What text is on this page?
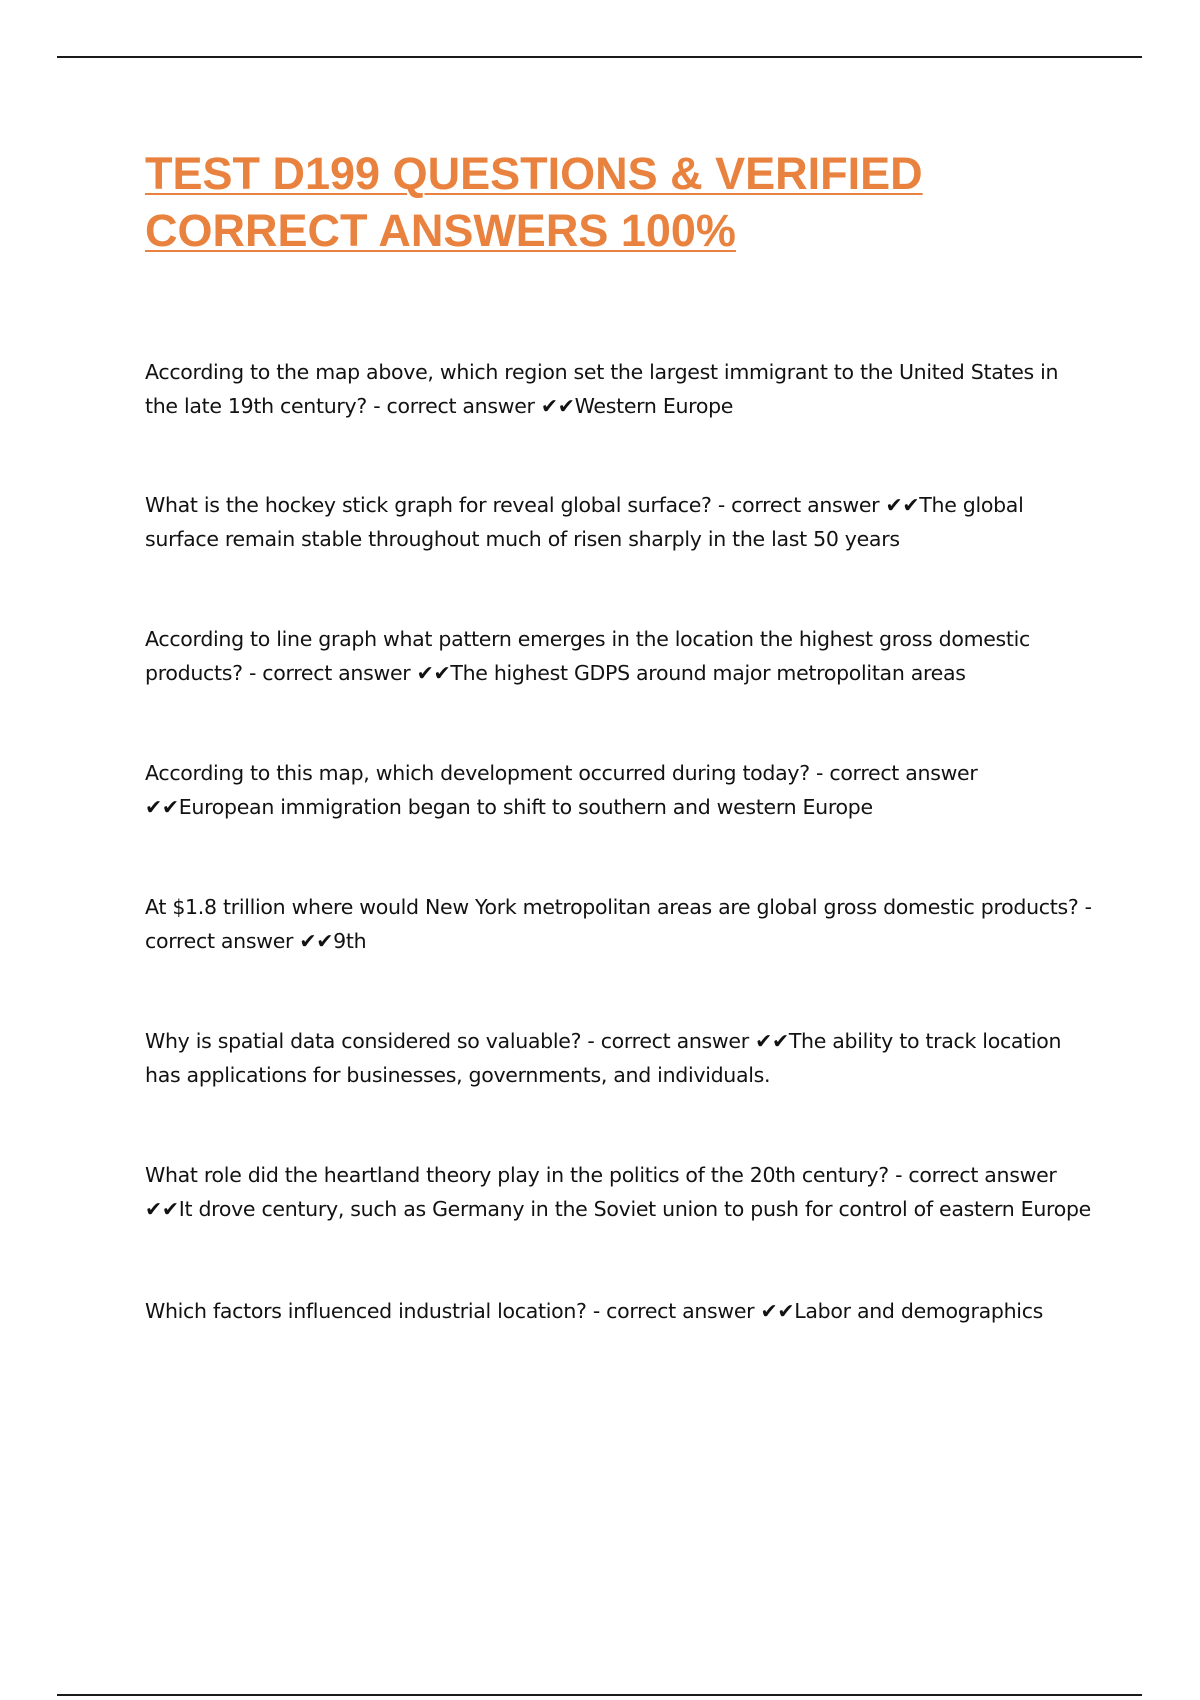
TEST D199 QUESTIONS & VERIFIED CORRECT ANSWERS 100%

According to the map above, which region set the largest immigrant to the United States in the late 19th century? - correct answer ✔✔Western Europe

What is the hockey stick graph for reveal global surface? - correct answer ✔✔The global surface remain stable throughout much of risen sharply in the last 50 years

According to line graph what pattern emerges in the location the highest gross domestic products? - correct answer ✔✔The highest GDPS around major metropolitan areas

According to this map, which development occurred during today? - correct answer ✔✔European immigration began to shift to southern and western Europe

At $1.8 trillion where would New York metropolitan areas are global gross domestic products? - correct answer ✔✔9th

Why is spatial data considered so valuable? - correct answer ✔✔The ability to track location has applications for businesses, governments, and individuals.

What role did the heartland theory play in the politics of the 20th century? - correct answer ✔✔It drove century, such as Germany in the Soviet union to push for control of eastern Europe

Which factors influenced industrial location? - correct answer ✔✔Labor and demographics
